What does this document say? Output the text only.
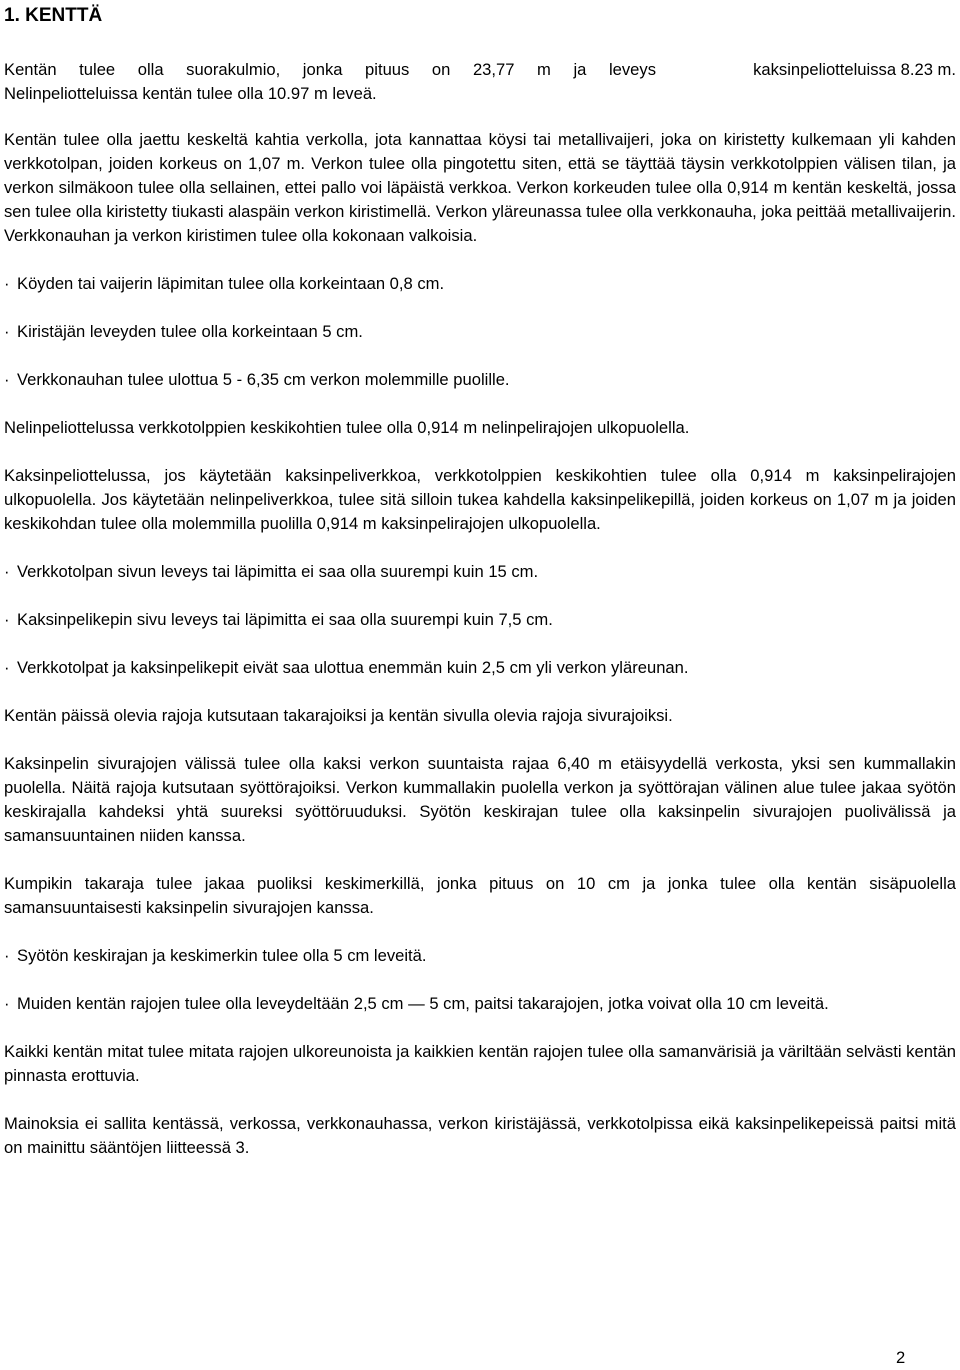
1. KENTTÄ
Kentän tulee olla suorakulmio, jonka pituus on 23,77 m ja leveys	kaksinpeliotteluissa 8.23 m.
Nelinpeliotteluissa kentän tulee olla 10.97 m leveä.

Kentän tulee olla jaettu keskeltä kahtia verkolla, jota kannattaa köysi tai metallivaijeri, joka on kiristetty kulkemaan yli kahden verkkotolpan, joiden korkeus on 1,07 m. Verkon tulee olla pingotettu siten, että se täyttää täysin verkkotolppien välisen tilan, ja verkon silmäkoon tulee olla sellainen, ettei pallo voi läpäistä verkkoa. Verkon korkeuden tulee olla 0,914 m kentän keskeltä, jossa sen tulee olla kiristetty tiukasti alaspäin verkon kiristimellä. Verkon yläreunassa tulee olla verkkonauha, joka peittää metallivaijerin. Verkkonauhan ja verkon kiristimen tulee olla kokonaan valkoisia.

· Köyden tai vaijerin läpimitan tulee olla korkeintaan 0,8 cm.
· Kiristäjän leveyden tulee olla korkeintaan 5 cm.
· Verkkonauhan tulee ulottua 5 - 6,35 cm verkon molemmille puolille.

Nelinpeliottelussa verkkotolppien keskikohtien tulee olla 0,914 m nelinpelirajojen ulkopuolella.

Kaksinpeliottelussa, jos käytetään kaksinpeliverkkoa, verkkotolppien keskikohtien tulee olla 0,914 m kaksinpelirajojen ulkopuolella. Jos käytetään nelinpeliverkkoa, tulee sitä silloin tukea kahdella kaksinpelikepillä, joiden korkeus on 1,07 m ja joiden keskikohdan tulee olla molemmilla puolilla 0,914 m kaksinpelirajojen ulkopuolella.

· Verkkotolpan sivun leveys tai läpimitta ei saa olla suurempi kuin 15 cm.
· Kaksinpelikepin sivu leveys tai läpimitta ei saa olla suurempi kuin 7,5 cm.
· Verkkotolpat ja kaksinpelikepit eivät saa ulottua enemmän kuin 2,5 cm yli verkon yläreunan.

Kentän päissä olevia rajoja kutsutaan takarajoiksi ja kentän sivulla olevia rajoja sivurajoiksi.

Kaksinpelin sivurajojen välissä tulee olla kaksi verkon suuntaista rajaa 6,40 m etäisyydellä verkosta, yksi sen kummallakin puolella. Näitä rajoja kutsutaan syöttörajoiksi. Verkon kummallakin puolella verkon ja syöttörajan välinen alue tulee jakaa syötön keskirajalla kahdeksi yhtä suureksi syöttöruuduksi. Syötön keskirajan tulee olla kaksinpelin sivurajojen puolivälissä ja samansuuntainen niiden kanssa.

Kumpikin takaraja tulee jakaa puoliksi keskimerkillä, jonka pituus on 10 cm ja jonka tulee olla kentän sisäpuolella samansuuntaisesti kaksinpelin sivurajojen kanssa.

· Syötön keskirajan ja keskimerkin tulee olla 5 cm leveitä.

· Muiden kentän rajojen tulee olla leveydeltään 2,5 cm — 5 cm, paitsi takarajojen, jotka voivat olla 10 cm leveitä.

Kaikki kentän mitat tulee mitata rajojen ulkoreunoista ja kaikkien kentän rajojen tulee olla samanvärisiä ja väriltään selvästi kentän pinnasta erottuvia.

Mainoksia ei sallita kentässä, verkossa, verkkonauhassa, verkon kiristäjässä, verkkotolpissa eikä kaksinpelikepeissä paitsi mitä on mainittu sääntöjen liitteessä 3.

2
